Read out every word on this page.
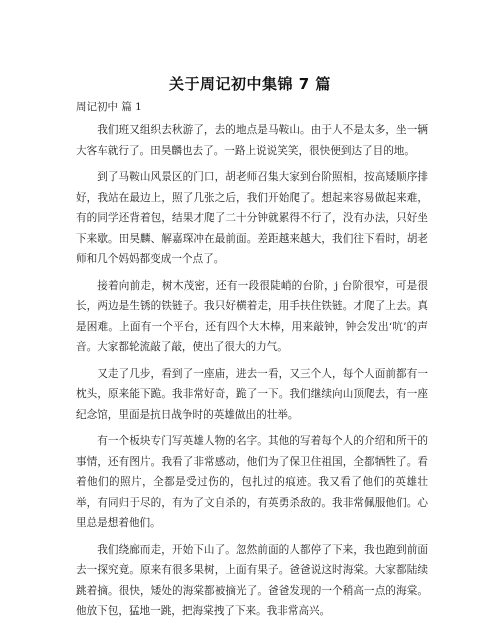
关于周记初中集锦 7 篇
周记初中 篇 1

我们班又组织去秋游了，去的地点是马鞍山。由于人不是太多，坐一辆大客车就行了。田昊麟也去了。一路上说说笑笑，很快便到达了目的地。

到了马鞍山风景区的门口，胡老师召集大家到台阶照相，按高矮顺序排好，我站在最边上，照了几张之后，我们开始爬了。想起来容易做起来难，有的同学还背着包，结果才爬了二十分钟就累得不行了，没有办法，只好坐下来歇。田昊麟、解嘉琛冲在最前面。差距越来越大，我们往下看时，胡老师和几个妈妈都变成一个点了。

接着向前走，树木茂密，还有一段很陡峭的台阶，j 台阶很窄，可是很长，两边是生锈的铁链子。我只好横着走，用手扶住铁链。才爬了上去。真是困难。上面有一个平台，还有四个大木棒，用来敲钟，钟会发出‘吭’的声音。大家都轮流敲了敲，使出了很大的力气。

又走了几步，看到了一座庙，进去一看，又三个人，每个人面前都有一枕头，原来能下跪。我非常好奇，跪了一下。我们继续向山顶爬去，有一座纪念馆，里面是抗日战争时的英雄做出的壮举。

有一个板块专门写英雄人物的名字。其他的写着每个人的介绍和所干的事情，还有图片。我看了非常感动，他们为了保卫住祖国，全都牺牲了。看着他们的照片，全都是受过伤的，包扎过的痕迹。我又看了他们的英雄壮举，有同归于尽的，有为了文自杀的，有英勇杀敌的。我非常佩服他们。心里总是想着他们。

我们绕廊而走，开始下山了。忽然前面的人都停了下来，我也跑到前面去一探究竟。原来有很多果树，上面有果子。爸爸说这时海棠。大家都陆续跳着摘。很快，矮处的海棠都被摘光了。爸爸发现的一个稍高一点的海棠。他放下包，猛地一跳，把海棠拽了下来。我非常高兴。
